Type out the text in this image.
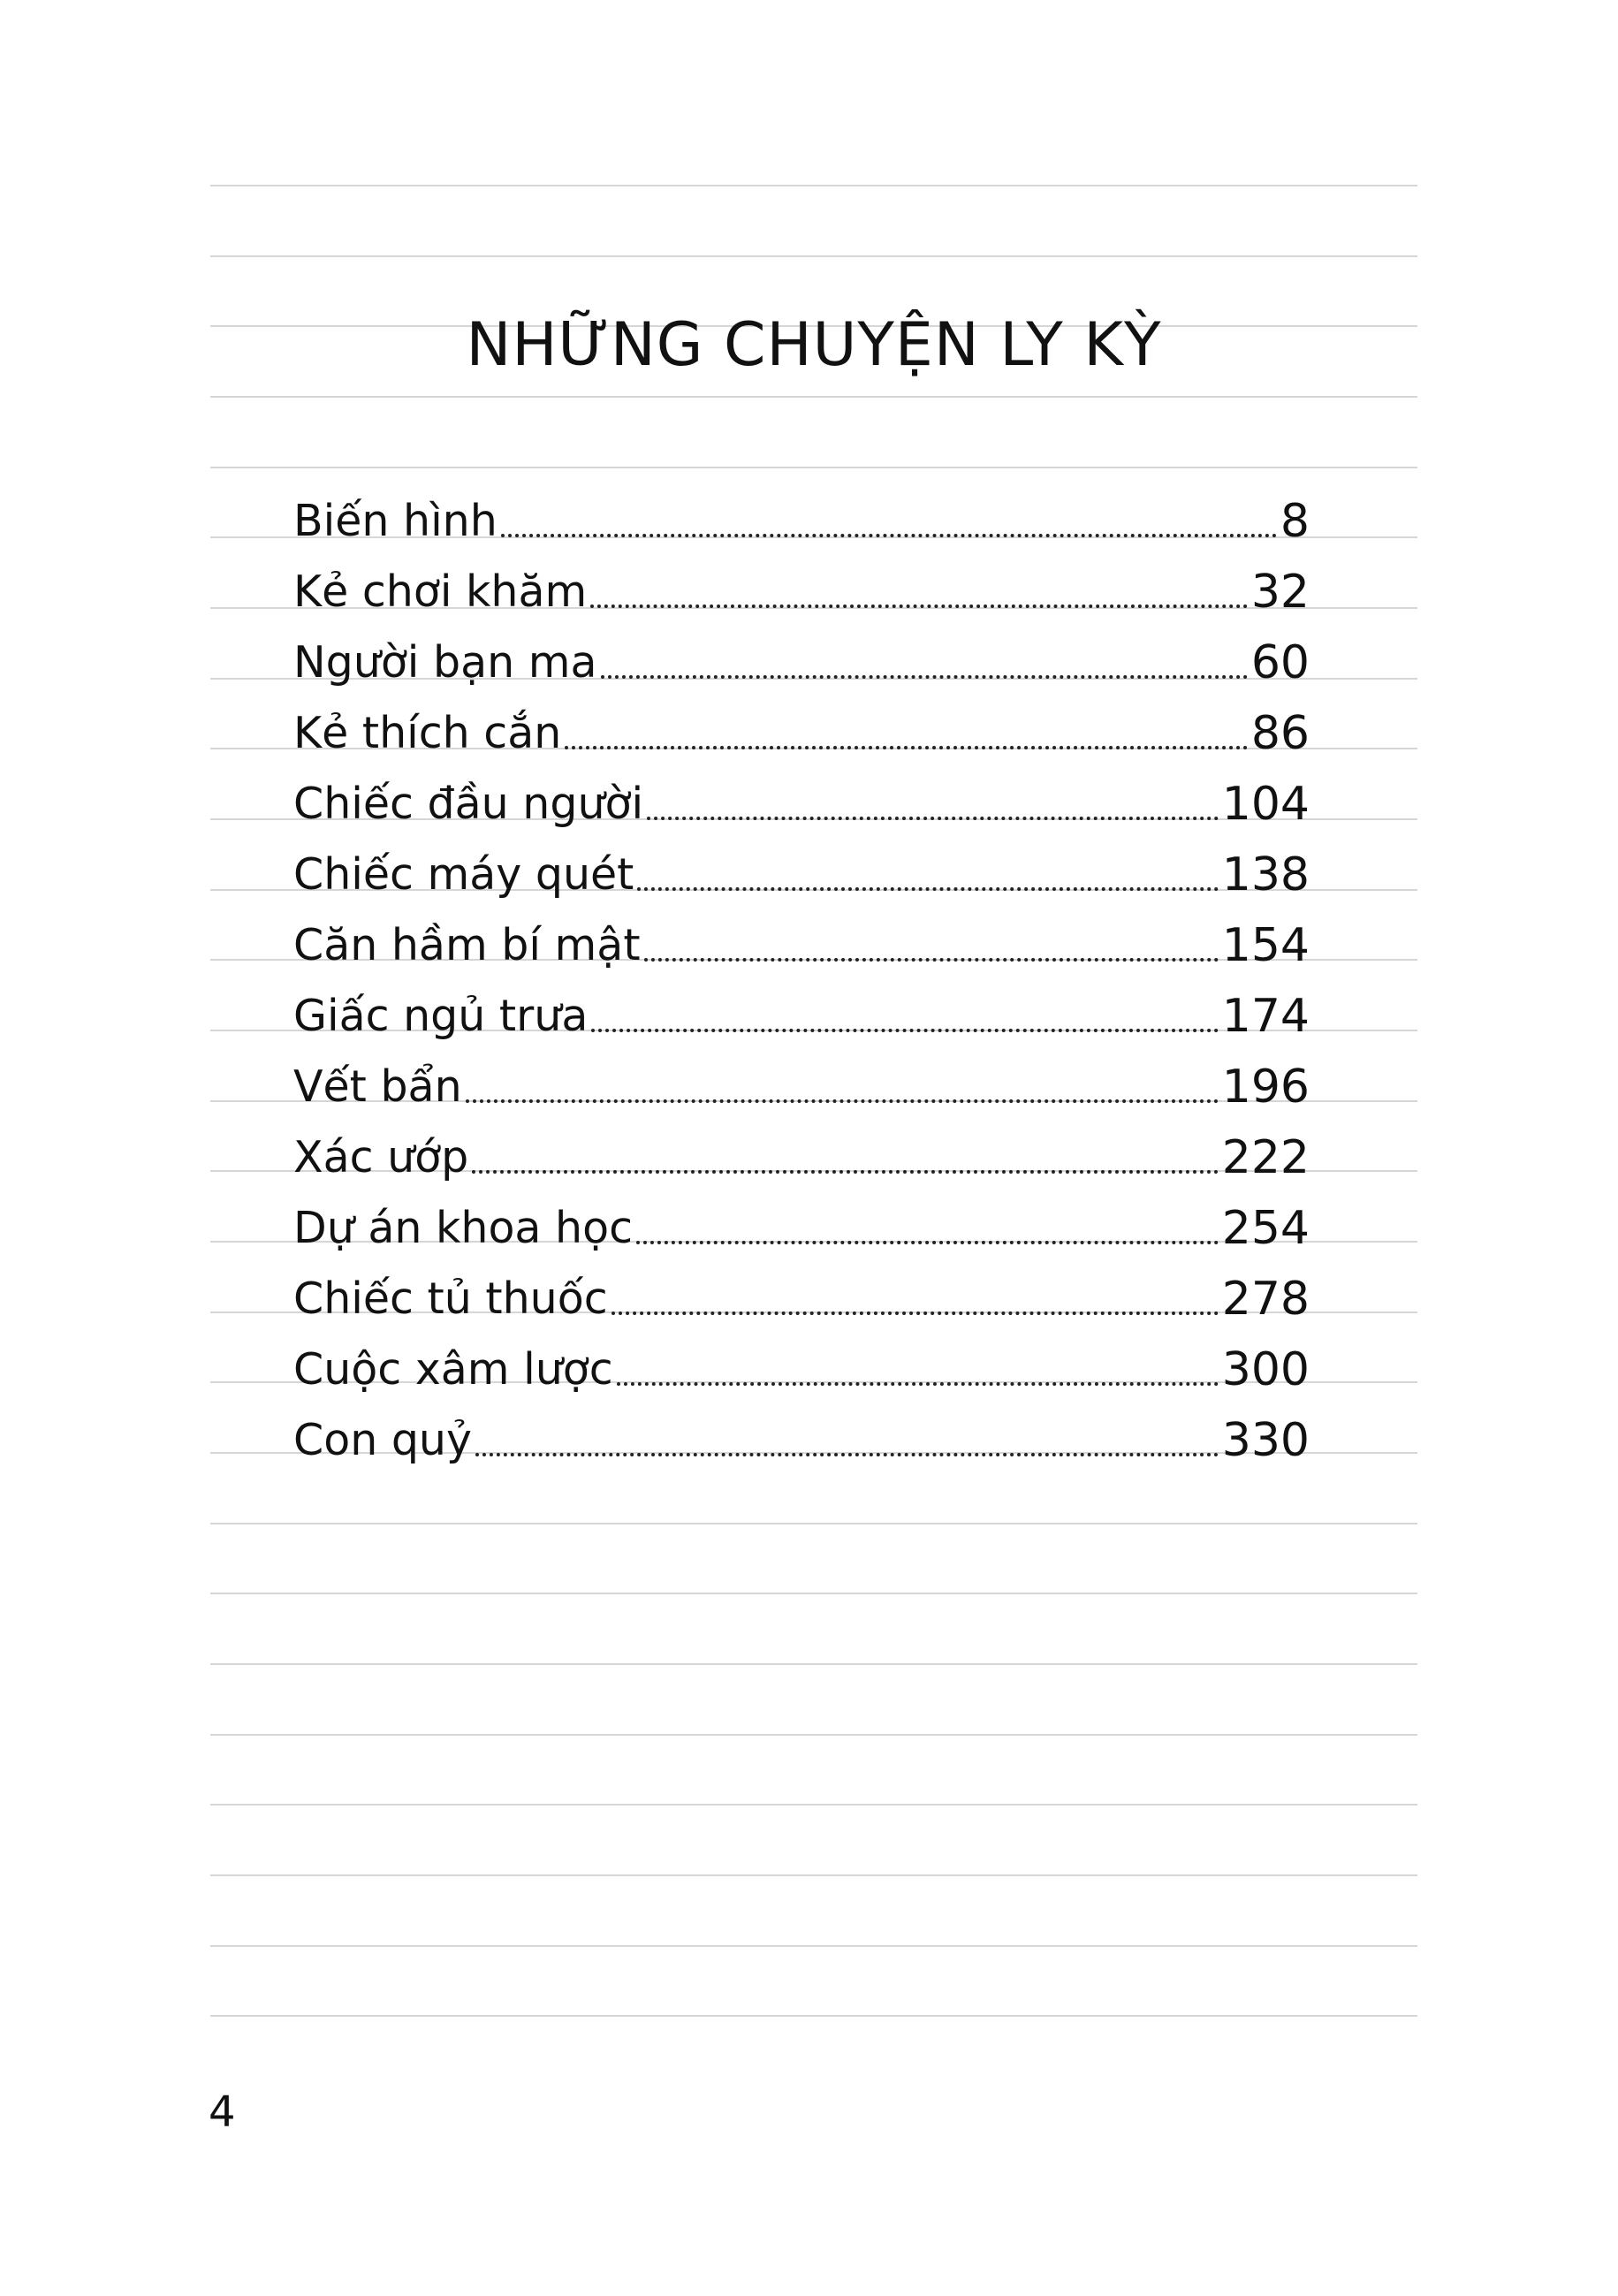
NHỮNG CHUYỆN LY KỲ
Biến hình	8
Kẻ chơi khăm	32
Người bạn ma	60
Kẻ thích cắn	86
Chiếc đầu người	104
Chiếc máy quét	138
Căn hầm bí mật	154
Giấc ngủ trưa	174
Vết bẩn	196
Xác ướp	222
Dự án khoa học	254
Chiếc tủ thuốc	278
Cuộc xâm lược	300
Con quỷ	330
4
